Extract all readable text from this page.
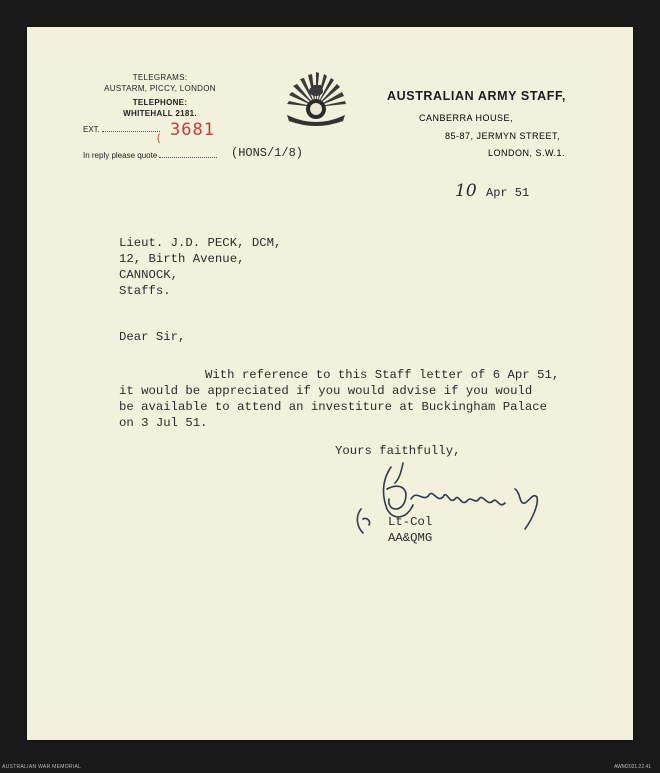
TELEGRAMS:
AUSTARM, PICCY, LONDON
TELEPHONE:
WHITEHALL 2181.
EXT.
( 3681
In reply please quote	(HONS/1/8)
AUSTRALIAN ARMY STAFF,
CANBERRA HOUSE,
85-87, JERMYN STREET,
LONDON, S.W.1.
10 Apr 51
Lieut. J.D. PECK, DCM,
12, Birth Avenue,
CANNOCK,
Staffs.
Dear Sir,
With reference to this Staff letter of 6 Apr 51,
it would be appreciated if you would advise if you would
be available to attend an investiture at Buckingham Palace
on 3 Jul 51.
Yours faithfully,
Lt-Col
AA&QMG
AUSTRALIAN WAR MEMORIAL	AWM2021.22.41
